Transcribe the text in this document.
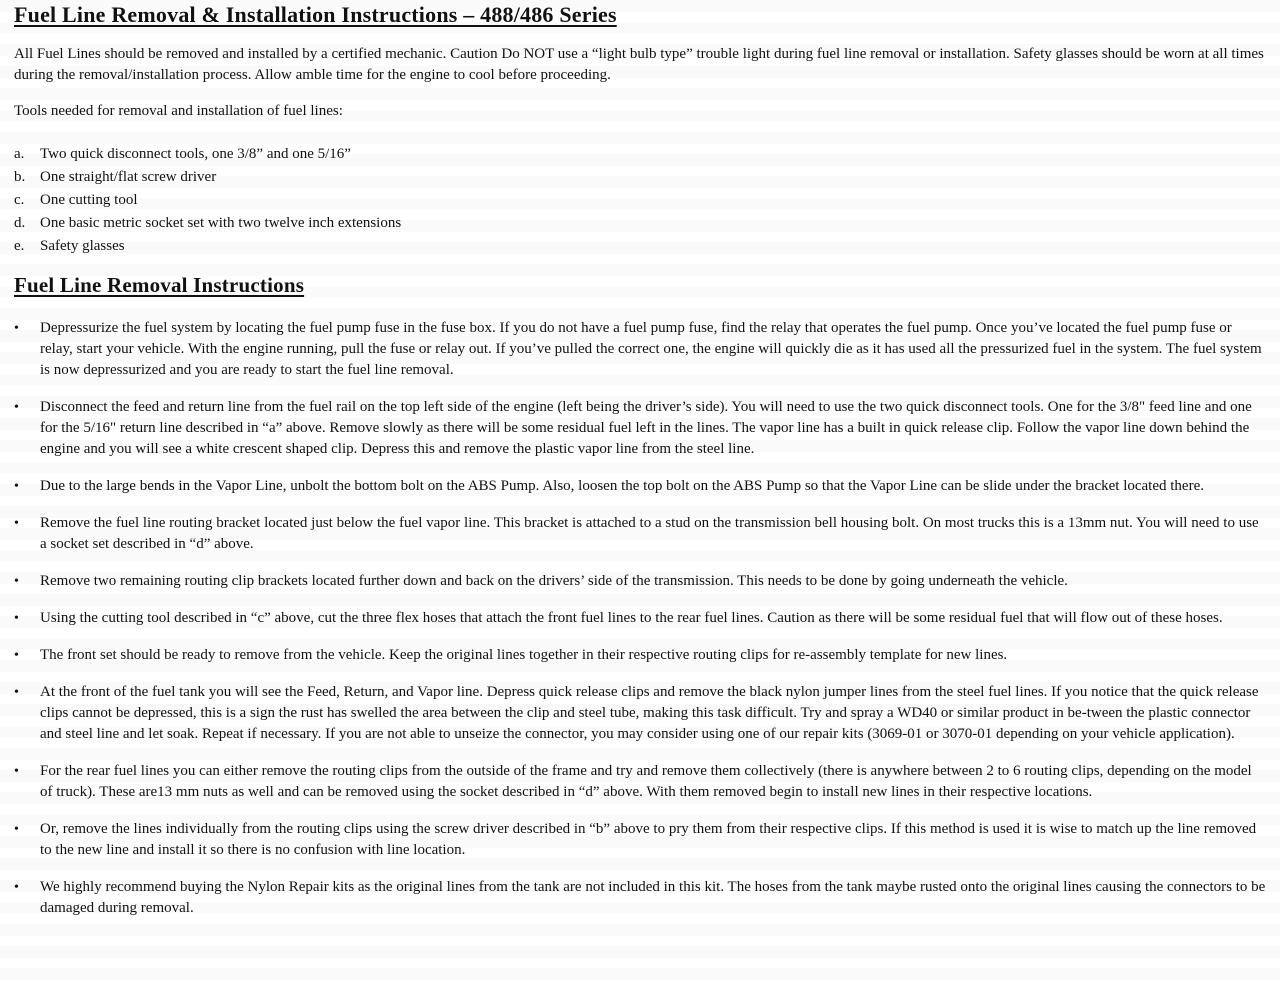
Fuel Line Removal & Installation Instructions – 488/486 Series

All Fuel Lines should be removed and installed by a certified mechanic. Caution Do NOT use a “light bulb type” trouble light during fuel line removal or installation. Safety glasses should be worn at all times during the removal/installation process. Allow amble time for the engine to cool before proceeding.

Tools needed for removal and installation of fuel lines:

a.	Two quick disconnect tools, one 3/8” and one 5/16”
b. One straight/flat screw driver
c.	One cutting tool
d. One basic metric socket set with two twelve inch extensions
e.	Safety glasses
Fuel Line Removal Instructions
•	Depressurize the fuel system by locating the fuel pump fuse in the fuse box. If you do not have a fuel pump fuse, find the relay that operates the fuel pump. Once you’ve located the fuel pump fuse or relay, start your vehicle. With the engine running, pull the fuse or relay out. If you’ve pulled the correct one, the engine will quickly die as it has used all the pressurized fuel in the system. The fuel system is now depressurized and you are ready to start the fuel line removal.
•	Disconnect the feed and return line from the fuel rail on the top left side of the engine (left being the driver’s side). You will need to use the two quick disconnect tools. One for the 3/8" feed line and one for the 5/16" return line described in “a” above. Remove slowly as there will be some residual fuel left in the lines. The vapor line has a built in quick release clip. Follow the vapor line down behind the engine and you will see a white crescent shaped clip. Depress this and remove the plastic vapor line from the steel line.
•	Due to the large bends in the Vapor Line, unbolt the bottom bolt on the ABS Pump. Also, loosen the top bolt on the ABS Pump so that the Vapor Line can be slide under the bracket located there.
•	Remove the fuel line routing bracket located just below the fuel vapor line. This bracket is attached to a stud on the transmission bell housing bolt. On most trucks this is a 13mm nut. You will need to use a socket set described in “d” above.
•	Remove two remaining routing clip brackets located further down and back on the drivers’ side of the transmission. This needs to be done by going underneath the vehicle.
•	Using the cutting tool described in “c” above, cut the three flex hoses that attach the front fuel lines to the rear fuel lines. Caution as there will be some residual fuel that will flow out of these hoses.
•	The front set should be ready to remove from the vehicle. Keep the original lines together in their respective routing clips for re-assembly template for new lines.
•	At the front of the fuel tank you will see the Feed, Return, and Vapor line. Depress quick release clips and remove the black nylon jumper lines from the steel fuel lines. If you notice that the quick release clips cannot be depressed, this is a sign the rust has swelled the area between the clip and steel tube, making this task difficult. Try and spray a WD40 or similar product in be-tween the plastic connector and steel line and let soak. Repeat if necessary. If you are not able to unseize the connector, you may consider using one of our repair kits (3069-01 or 3070-01 depending on your vehicle application).
•	For the rear fuel lines you can either remove the routing clips from the outside of the frame and try and remove them collectively (there is anywhere between 2 to 6 routing clips, depending on the model of truck). These are13 mm nuts as well and can be removed using the socket described in “d” above. With them removed begin to install new lines in their respective locations.
•	Or, remove the lines individually from the routing clips using the screw driver described in “b” above to pry them from their respective clips. If this method is used it is wise to match up the line removed to the new line and install it so there is no confusion with line location.
•	We highly recommend buying the Nylon Repair kits as the original lines from the tank are not included in this kit. The hoses from the tank maybe rusted onto the original lines causing the connectors to be damaged during removal.
